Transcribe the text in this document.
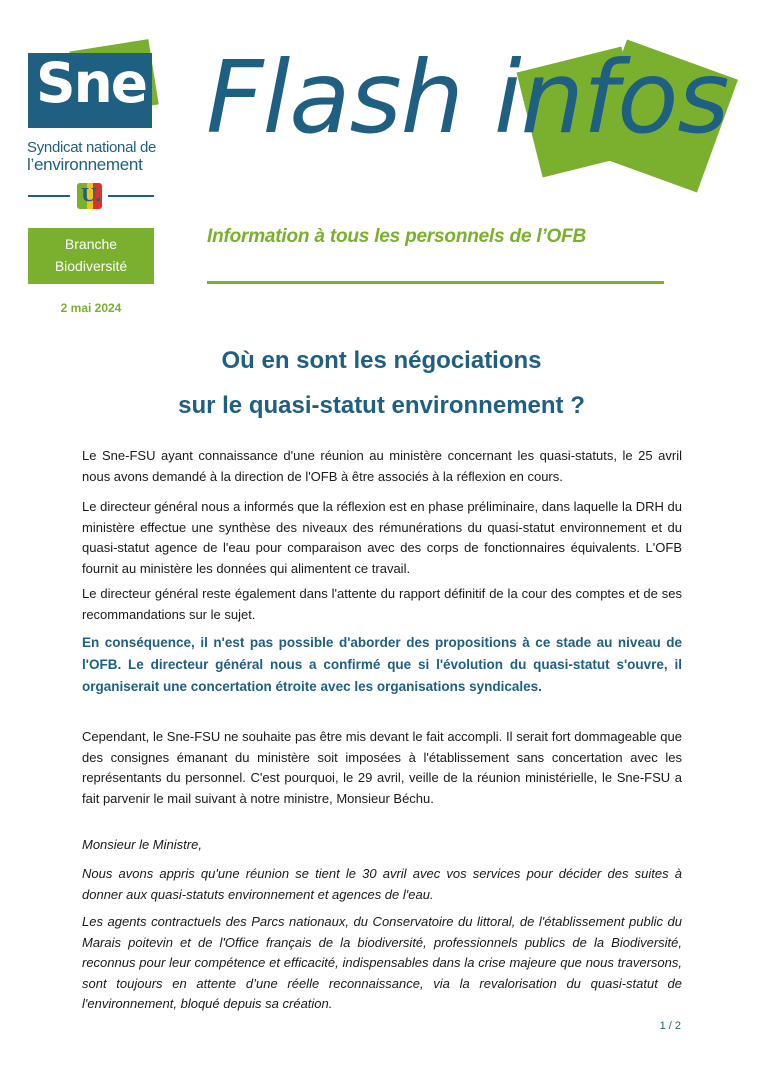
Sne
Syndicat national de
l’environnement
U.
Flash infos
Information à tous les personnels de l’OFB
Branche
Biodiversité
2 mai 2024
Où en sont les négociations
sur le quasi-statut environnement ?

Le Sne-FSU ayant connaissance d'une réunion au ministère concernant les quasi-statuts, le 25 avril nous avons demandé à la direction de l'OFB à être associés à la réflexion en cours.

Le directeur général nous a informés que la réflexion est en phase préliminaire, dans laquelle la DRH du ministère effectue une synthèse des niveaux des rémunérations du quasi-statut environnement et du quasi-statut agence de l'eau pour comparaison avec des corps de fonctionnaires équivalents. L'OFB fournit au ministère les données qui alimentent ce travail.

Le directeur général reste également dans l'attente du rapport définitif de la cour des comptes et de ses recommandations sur le sujet.

En conséquence, il n'est pas possible d'aborder des propositions à ce stade au niveau de l'OFB. Le directeur général nous a confirmé que si l'évolution du quasi-statut s'ouvre, il organiserait une concertation étroite avec les organisations syndicales.

Cependant, le Sne-FSU ne souhaite pas être mis devant le fait accompli. Il serait fort dommageable que des consignes émanant du ministère soit imposées à l'établissement sans concertation avec les représentants du personnel. C'est pourquoi, le 29 avril, veille de la réunion ministérielle, le Sne-FSU a fait parvenir le mail suivant à notre ministre, Monsieur Béchu.

Monsieur le Ministre,

Nous avons appris qu'une réunion se tient le 30 avril avec vos services pour décider des suites à donner aux quasi-statuts environnement et agences de l'eau.

Les agents contractuels des Parcs nationaux, du Conservatoire du littoral, de l'établissement public du Marais poitevin et de l'Office français de la biodiversité, professionnels publics de la Biodiversité, reconnus pour leur compétence et efficacité, indispensables dans la crise majeure que nous traversons, sont toujours en attente d’une réelle reconnaissance, via la revalorisation du quasi-statut de l'environnement, bloqué depuis sa création.

1 / 2
